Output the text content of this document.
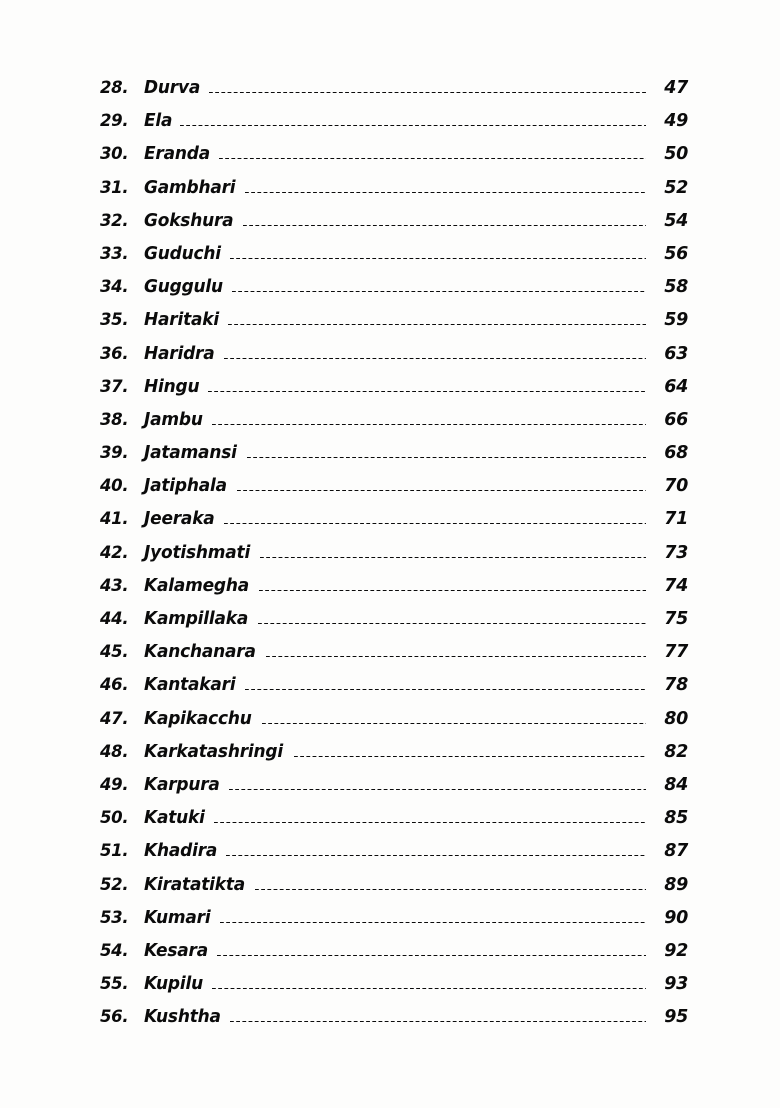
28. Durva	47
29. Ela	49
30. Eranda	50
31. Gambhari	52
32. Gokshura	54
33. Guduchi	56
34. Guggulu	58
35. Haritaki	59
36. Haridra	63
37. Hingu	64
38. Jambu	66
39. Jatamansi	68
40. Jatiphala	70
41. Jeeraka	71
42. Jyotishmati	73
43. Kalamegha	74
44. Kampillaka	75
45. Kanchanara	77
46. Kantakari	78
47. Kapikacchu	80
48. Karkatashringi	82
49. Karpura	84
50. Katuki	85
51. Khadira	87
52. Kiratatikta	89
53. Kumari	90
54. Kesara	92
55. Kupilu	93
56. Kushtha	95
